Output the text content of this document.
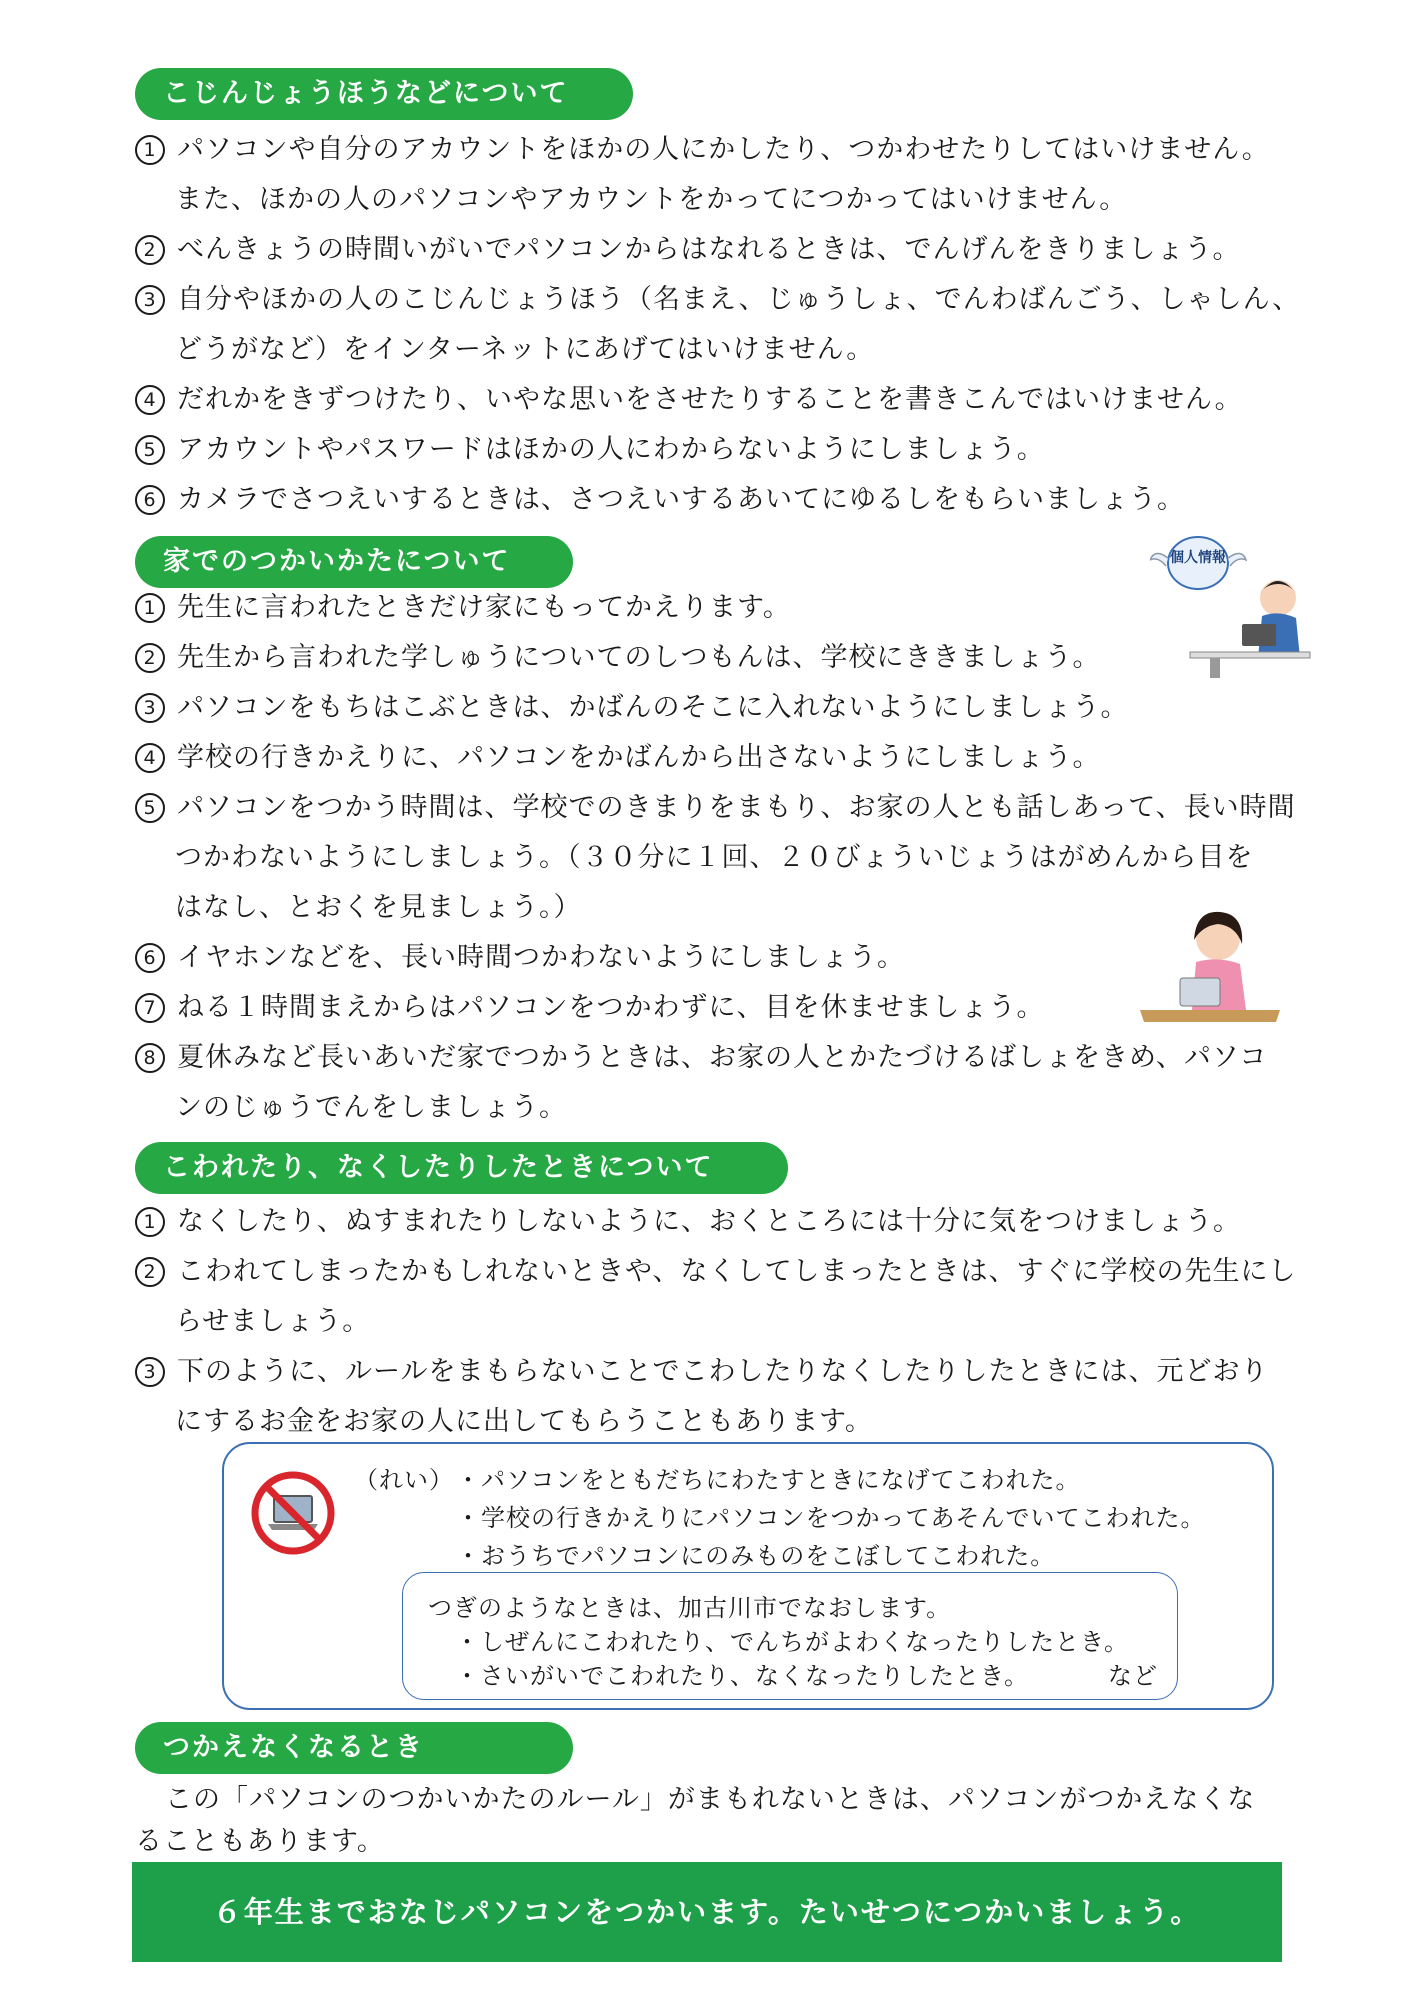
こじんじょうほうなどについて
1 パソコンや自分のアカウントをほかの人にかしたり、つかわせたりしてはいけません。
また、ほかの人のパソコンやアカウントをかってにつかってはいけません。
2 べんきょうの時間いがいでパソコンからはなれるときは、でんげんをきりましょう。
3 自分やほかの人のこじんじょうほう（名まえ、じゅうしょ、でんわばんごう、しゃしん、
どうがなど）をインターネットにあげてはいけません。
4 だれかをきずつけたり、いやな思いをさせたりすることを書きこんではいけません。
5 アカウントやパスワードはほかの人にわからないようにしましょう。
6 カメラでさつえいするときは、さつえいするあいてにゆるしをもらいましょう。
家でのつかいかたについて	個人情報
1 先生に言われたときだけ家にもってかえります。
2 先生から言われた学しゅうについてのしつもんは、学校にききましょう。
3 パソコンをもちはこぶときは、かばんのそこに入れないようにしましょう。
4 学校の行きかえりに、パソコンをかばんから出さないようにしましょう。
5 パソコンをつかう時間は、学校でのきまりをまもり、お家の人とも話しあって、長い時間
つかわないようにしましょう。（３０分に１回、２０びょういじょうはがめんから目を
はなし、とおくを見ましょう。）
6 イヤホンなどを、長い時間つかわないようにしましょう。
7 ねる１時間まえからはパソコンをつかわずに、目を休ませましょう。
8 夏休みなど長いあいだ家でつかうときは、お家の人とかたづけるばしょをきめ、パソコ
ンのじゅうでんをしましょう。
こわれたり、なくしたりしたときについて
1 なくしたり、ぬすまれたりしないように、おくところには十分に気をつけましょう。
2 こわれてしまったかもしれないときや、なくしてしまったときは、すぐに学校の先生にし
らせましょう。
3 下のように、ルールをまもらないことでこわしたりなくしたりしたときには、元どおり
にするお金をお家の人に出してもらうこともあります。
（れい） ・パソコンをともだちにわたすときになげてこわれた。
・学校の行きかえりにパソコンをつかってあそんでいてこわれた。
・おうちでパソコンにのみものをこぼしてこわれた。
つぎのようなときは、加古川市でなおします。
・しぜんにこわれたり、でんちがよわくなったりしたとき。
・さいがいでこわれたり、なくなったりしたとき。	など
つかえなくなるとき
この「パソコンのつかいかたのルール」がまもれないときは、パソコンがつかえなくな
ることもあります。
６年生までおなじパソコンをつかいます。たいせつにつかいましょう。
